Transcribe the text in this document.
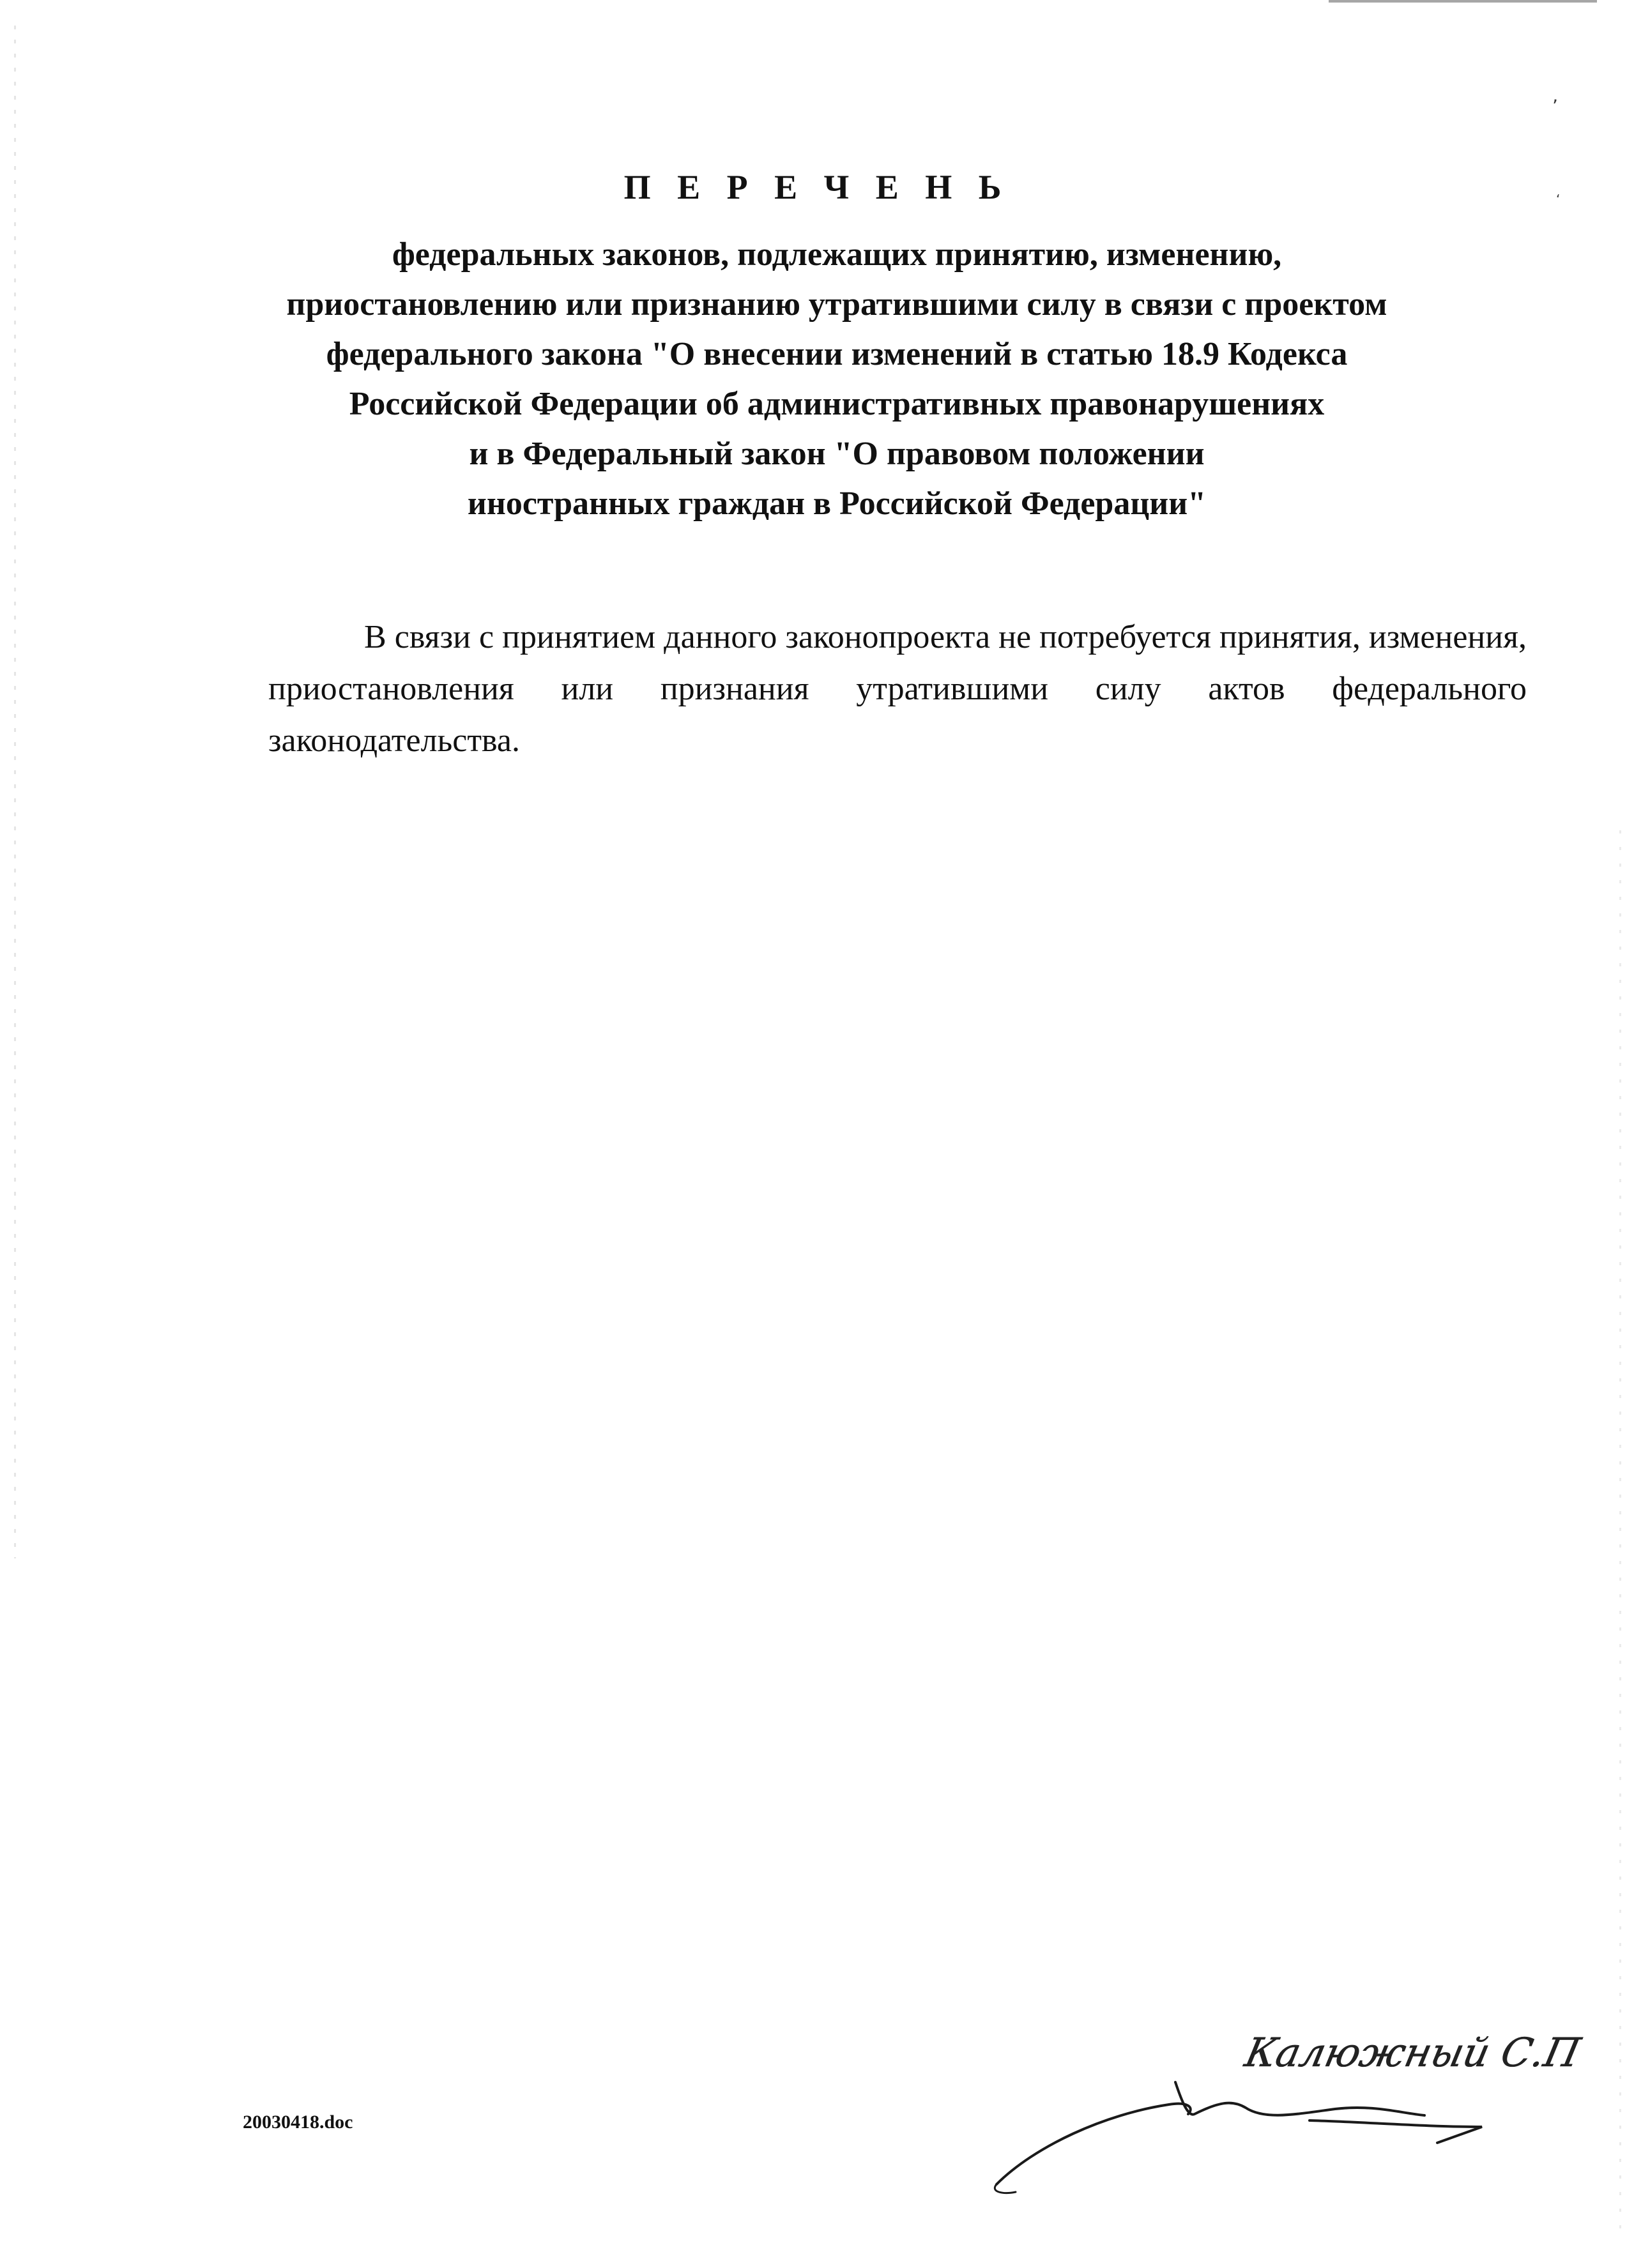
ʼ
ʻ
П Е Р Е Ч Е Н Ь
федеральных законов, подлежащих принятию, изменению,
приостановлению или признанию утратившими силу в связи с проектом
федерального закона "О внесении изменений в статью 18.9 Кодекса
Российской Федерации об административных правонарушениях
и в Федеральный закон "О правовом положении
иностранных граждан в Российской Федерации"

В связи с принятием данного законопроекта не потребуется принятия, изменения, приостановления или признания утратившими силу актов федерального законодательства.

20030418.doc
Калюжный С.П
